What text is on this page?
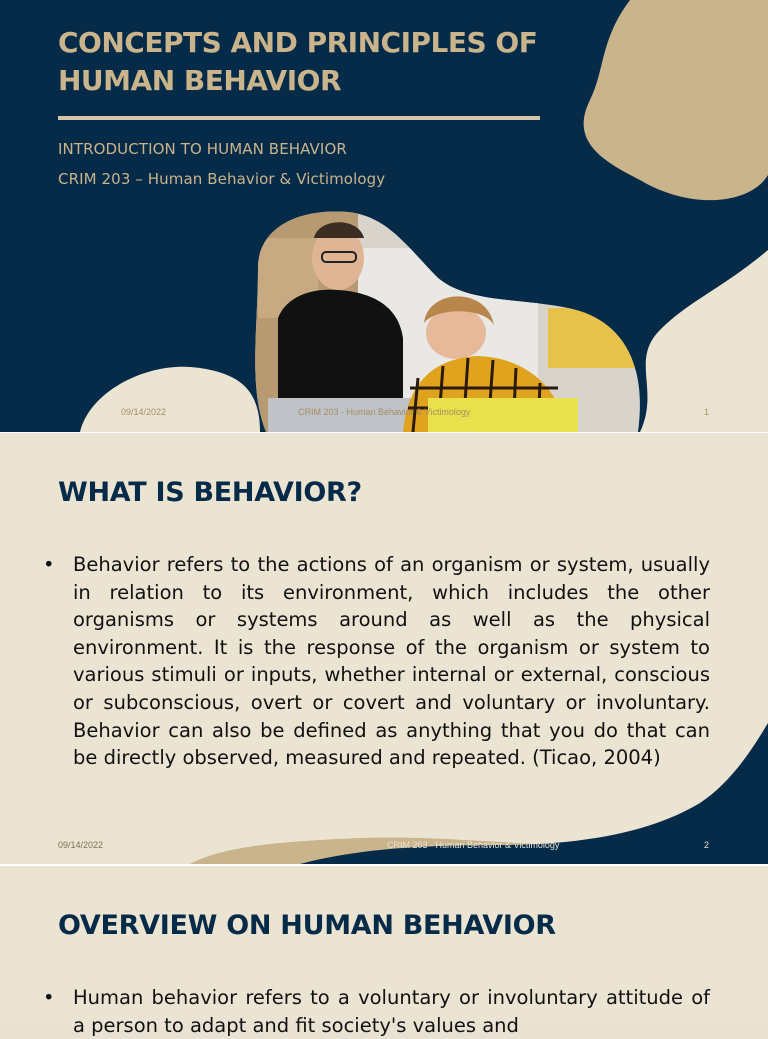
CONCEPTS AND PRINCIPLES OF HUMAN BEHAVIOR

INTRODUCTION TO HUMAN BEHAVIOR

CRIM 203 – Human Behavior & Victimology

09/14/2022	CRIM 203 - Human Behavior & Victimology	1
WHAT IS BEHAVIOR?

• Behavior refers to the actions of an organism or system, usually in relation to its environment, which includes the other organisms or systems around as well as the physical environment. It is the response of the organism or system to various stimuli or inputs, whether internal or external, conscious or subconscious, overt or covert and voluntary or involuntary. Behavior can also be defined as anything that you do that can be directly observed, measured and repeated. (Ticao, 2004)

09/14/2022	CRIM 203 - Human Behavior & Victimology	2
OVERVIEW ON HUMAN BEHAVIOR

• Human behavior refers to a voluntary or involuntary attitude of a person to adapt and fit society's values and
